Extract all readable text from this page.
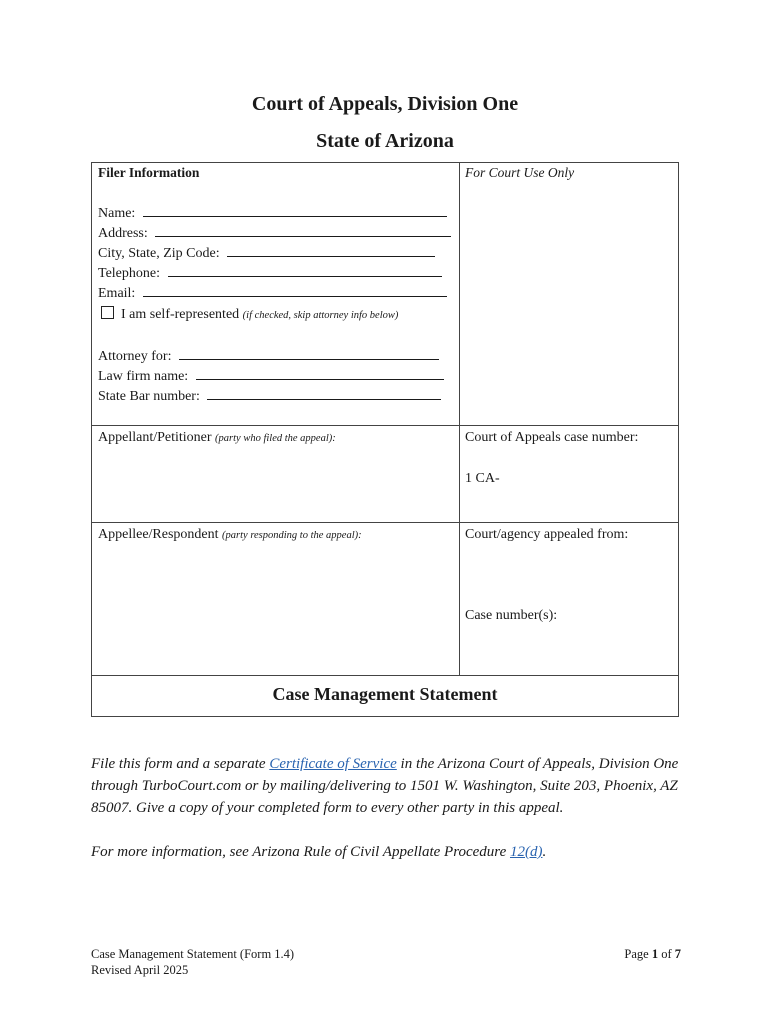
Court of Appeals, Division One
State of Arizona
Filer Information
Name:
Address:
City, State, Zip Code:
Telephone:
Email:
I am self-represented (if checked, skip attorney info below)
Attorney for:
Law firm name:
State Bar number:
For Court Use Only
Appellant/Petitioner (party who filed the appeal):	Court of Appeals case number:
1 CA-
Appellee/Respondent (party responding to the appeal):	Court/agency appealed from:
Case number(s):
Case Management Statement
File this form and a separate Certificate of Service in the Arizona Court of Appeals, Division One through TurboCourt.com or by mailing/delivering to 1501 W. Washington, Suite 203, Phoenix, AZ 85007. Give a copy of your completed form to every other party in this appeal.
For more information, see Arizona Rule of Civil Appellate Procedure 12(d).
Case Management Statement (Form 1.4)
Revised April 2025
Page 1 of 7
